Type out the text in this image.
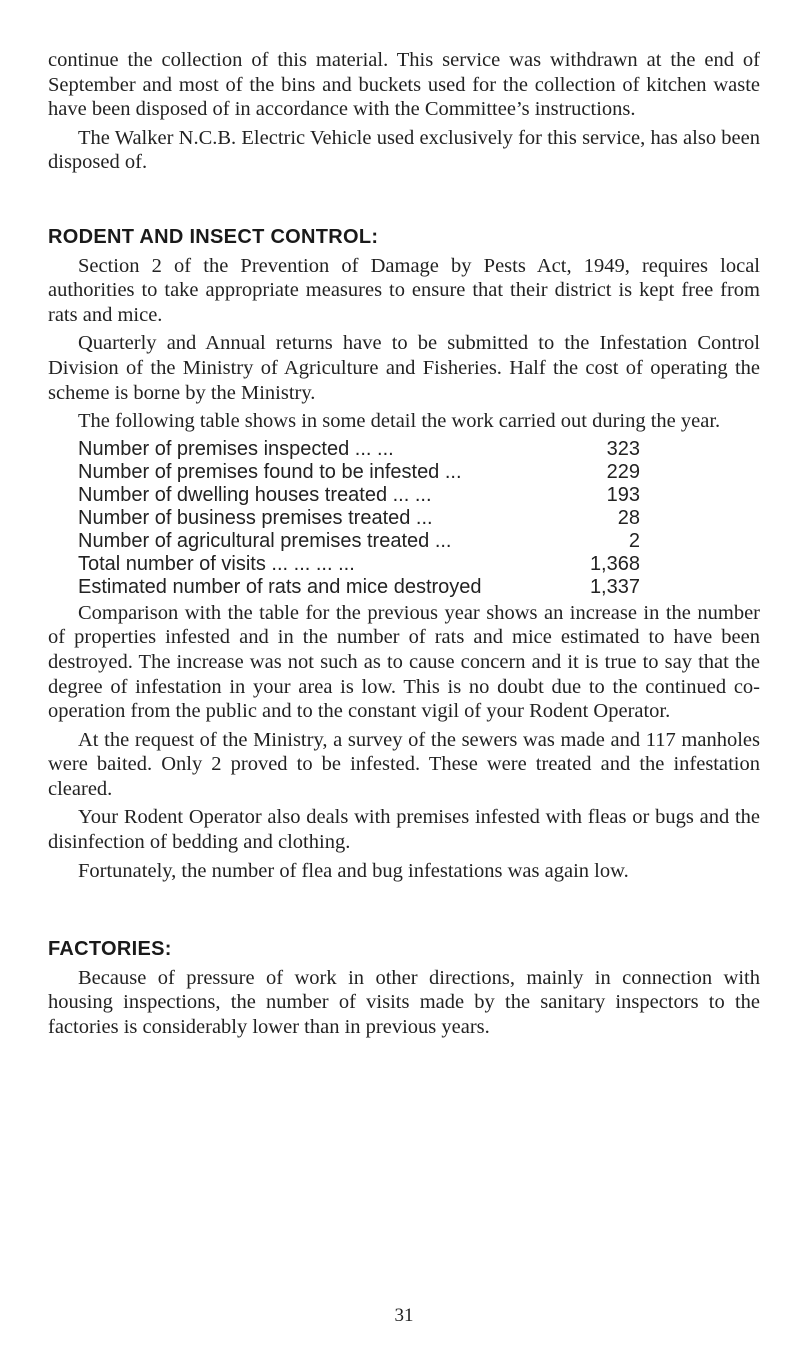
continue the collection of this material. This service was withdrawn at the end of September and most of the bins and buckets used for the collection of kitchen waste have been disposed of in accordance with the Committee’s instructions.

The Walker N.C.B. Electric Vehicle used exclusively for this service, has also been disposed of.

RODENT AND INSECT CONTROL:

Section 2 of the Prevention of Damage by Pests Act, 1949, requires local authorities to take appropriate measures to ensure that their district is kept free from rats and mice.

Quarterly and Annual returns have to be submitted to the Infestation Control Division of the Ministry of Agriculture and Fisheries. Half the cost of operating the scheme is borne by the Ministry.

The following table shows in some detail the work carried out during the year.

Number of premises inspected ... ...	323
Number of premises found to be infested ...	229
Number of dwelling houses treated ... ...	193
Number of business premises treated ...	28
Number of agricultural premises treated ...	2
Total number of visits ... ... ... ...	1,368
Estimated number of rats and mice destroyed	1,337

Comparison with the table for the previous year shows an increase in the number of properties infested and in the number of rats and mice estimated to have been destroyed. The increase was not such as to cause concern and it is true to say that the degree of infestation in your area is low. This is no doubt due to the continued co-operation from the public and to the constant vigil of your Rodent Operator.

At the request of the Ministry, a survey of the sewers was made and 117 manholes were baited. Only 2 proved to be infested. These were treated and the infestation cleared.

Your Rodent Operator also deals with premises infested with fleas or bugs and the disinfection of bedding and clothing.

Fortunately, the number of flea and bug infestations was again low.

FACTORIES:

Because of pressure of work in other directions, mainly in connection with housing inspections, the number of visits made by the sanitary inspectors to the factories is considerably lower than in previous years.

31
